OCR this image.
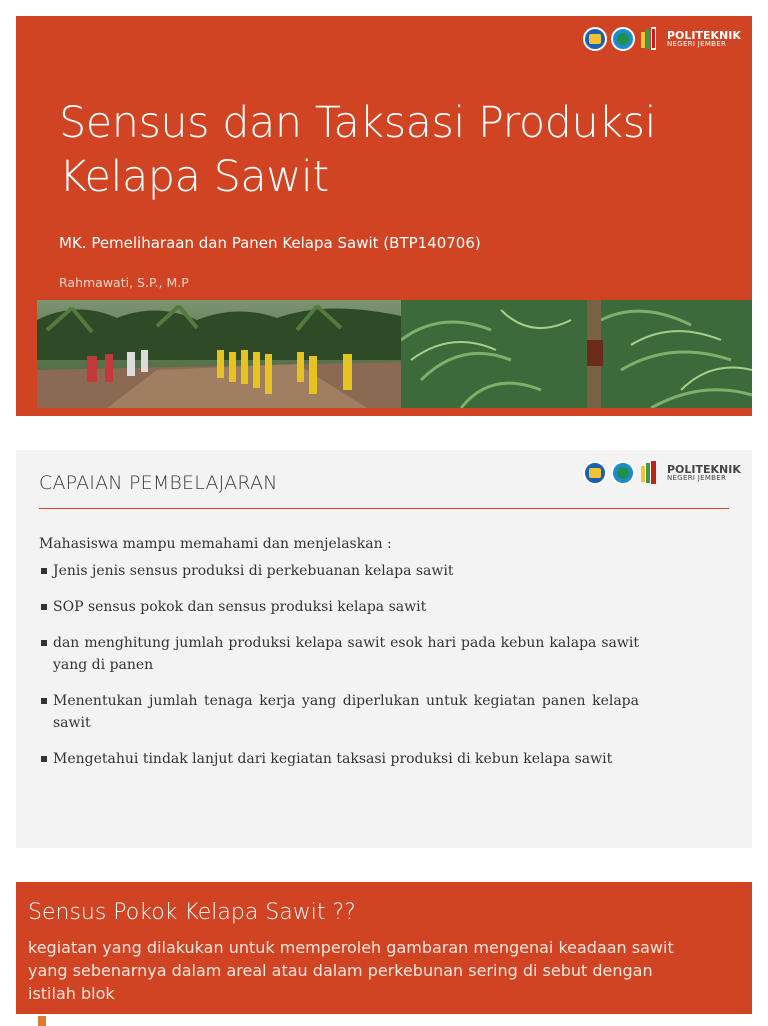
POLITEKNIK
NEGERI JEMBER
Sensus dan Taksasi Produksi Kelapa Sawit
MK. Pemeliharaan dan Panen Kelapa Sawit (BTP140706)
Rahmawati, S.P., M.P
POLITEKNIK
NEGERI JEMBER
CAPAIAN PEMBELAJARAN
Mahasiswa mampu memahami dan menjelaskan :
Jenis jenis sensus produksi di perkebuanan kelapa sawit
SOP sensus pokok dan sensus produksi kelapa sawit
dan menghitung jumlah produksi kelapa sawit esok hari pada kebun kalapa sawit yang di panen
Menentukan jumlah tenaga kerja yang diperlukan untuk kegiatan panen kelapa sawit
Mengetahui tindak lanjut dari kegiatan taksasi produksi di kebun kelapa sawit
Sensus Pokok Kelapa Sawit ??
kegiatan yang dilakukan untuk memperoleh gambaran mengenai keadaan sawit yang sebenarnya dalam areal atau dalam perkebunan sering di sebut dengan istilah blok
